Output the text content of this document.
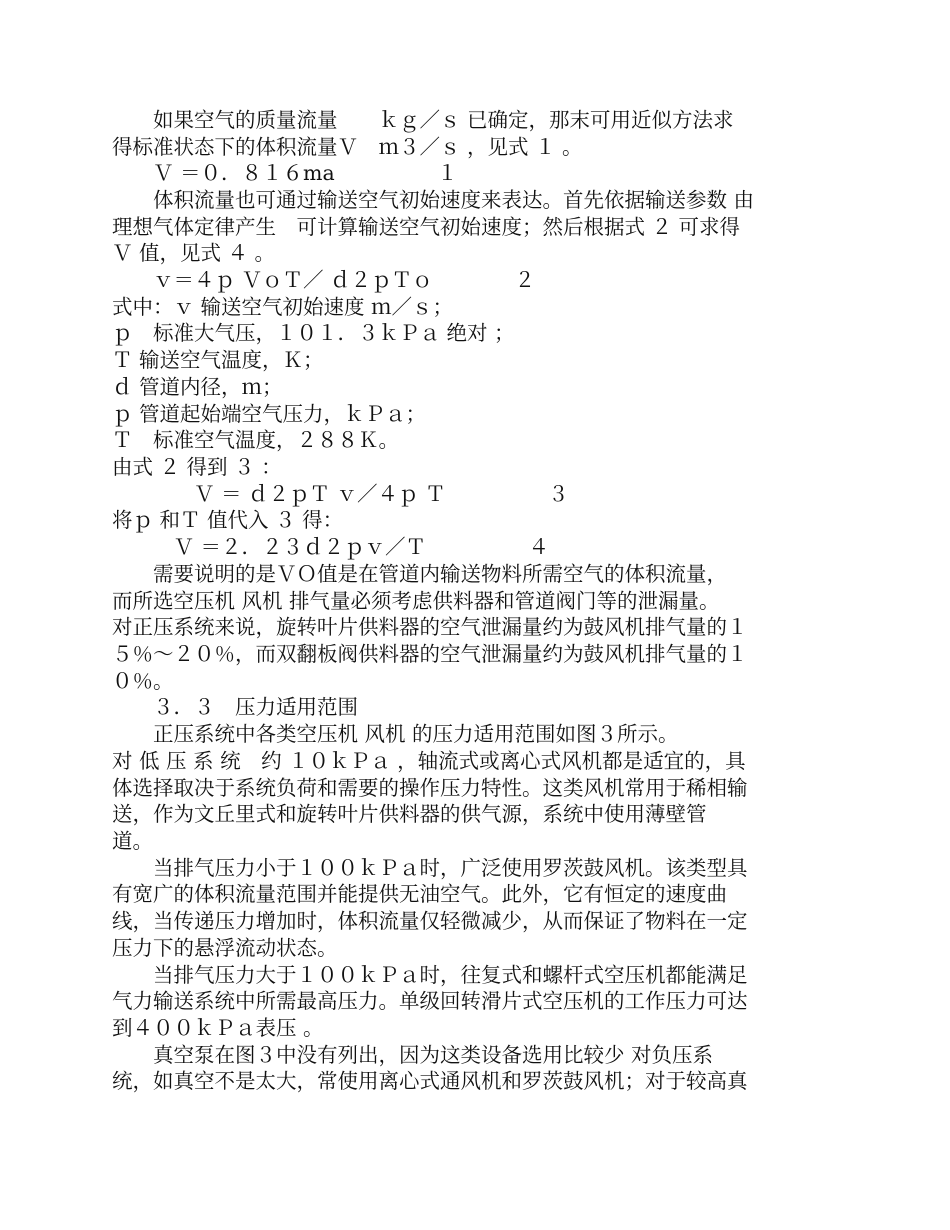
　　如果空气的质量流量　　ｋｇ／ｓ 已确定，那末可用近似方法求
得标准状态下的体积流量Ｖ　ｍ３／ｓ ，见式 １ 。
　　Ｖ ＝０．８１６ma　　　　　１
　　体积流量也可通过输送空气初始速度来表达。首先依据输送参数 由
理想气体定律产生　可计算输送空气初始速度；然后根据式 ２ 可求得
Ｖ 值，见式 ４ 。
　　ｖ＝４ｐ ＶｏＴ／ ｄ２ｐＴｏ　　　　２
式中：ｖ 输送空气初始速度 ｍ／ｓ；
ｐ　标准大气压，１０１．３ｋＰａ 绝对 ；
Ｔ 输送空气温度，Ｋ；
ｄ 管道内径，ｍ；
ｐ 管道起始端空气压力，ｋＰａ；
Ｔ　标准空气温度，２８８Ｋ。
由式 ２ 得到 ３ ：
　　　　Ｖ ＝ ｄ２ｐＴ ｖ／４ｐ Ｔ　　　　　３
将ｐ 和Ｔ 值代入 ３ 得：
　　　Ｖ ＝２．２３ｄ２ｐｖ／Ｔ　　　　　４
　　需要说明的是ＶＯ值是在管道内输送物料所需空气的体积流量，
而所选空压机 风机 排气量必须考虑供料器和管道阀门等的泄漏量。
对正压系统来说，旋转叶片供料器的空气泄漏量约为鼓风机排气量的１
５％～２０％，而双翻板阀供料器的空气泄漏量约为鼓风机排气量的１
０％。
　　３．３　压力适用范围
　　正压系统中各类空压机 风机 的压力适用范围如图３所示。
对 低 压 系 统　约 １０ｋＰａ ，轴流式或离心式风机都是适宜的，具
体选择取决于系统负荷和需要的操作压力特性。这类风机常用于稀相输
送，作为文丘里式和旋转叶片供料器的供气源，系统中使用薄壁管
道。
　　当排气压力小于１００ｋＰａ时，广泛使用罗茨鼓风机。该类型具
有宽广的体积流量范围并能提供无油空气。此外，它有恒定的速度曲
线，当传递压力增加时，体积流量仅轻微减少，从而保证了物料在一定
压力下的悬浮流动状态。
　　当排气压力大于１００ｋＰａ时，往复式和螺杆式空压机都能满足
气力输送系统中所需最高压力。单级回转滑片式空压机的工作压力可达
到４００ｋＰａ表压 。
　　真空泵在图３中没有列出，因为这类设备选用比较少 对负压系
统，如真空不是太大，常使用离心式通风机和罗茨鼓风机；对于较高真
